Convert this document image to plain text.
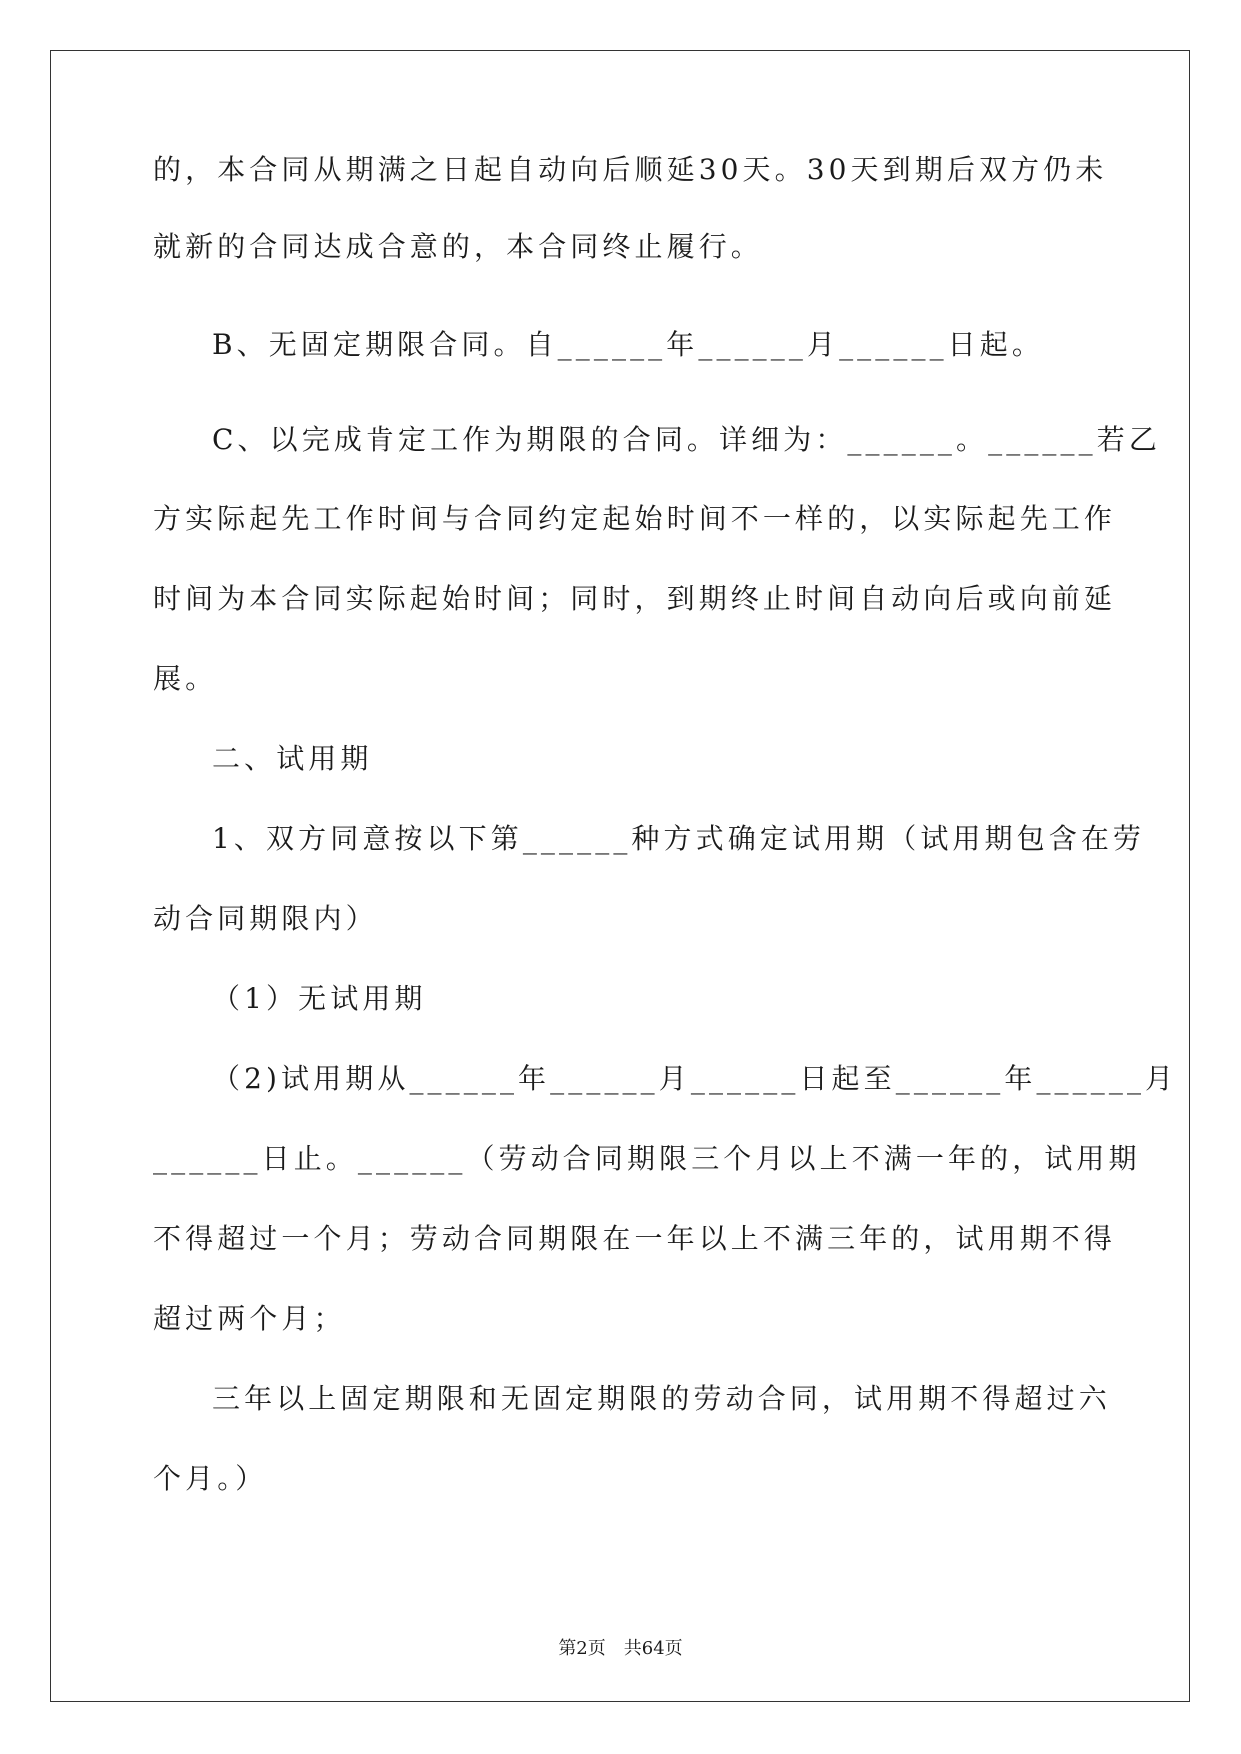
的，本合同从期满之日起自动向后顺延30天。30天到期后双方仍未
就新的合同达成合意的，本合同终止履行。
B、无固定期限合同。自______年______月______日起。
C、以完成肯定工作为期限的合同。详细为：______。______若乙
方实际起先工作时间与合同约定起始时间不一样的，以实际起先工作
时间为本合同实际起始时间；同时，到期终止时间自动向后或向前延
展。
二、试用期
1、双方同意按以下第______种方式确定试用期（试用期包含在劳
动合同期限内）
（1）无试用期
（2)试用期从______年______月______日起至______年______月
______日止。______（劳动合同期限三个月以上不满一年的，试用期
不得超过一个月；劳动合同期限在一年以上不满三年的，试用期不得
超过两个月；
三年以上固定期限和无固定期限的劳动合同，试用期不得超过六
个月。）
第2页　共64页
